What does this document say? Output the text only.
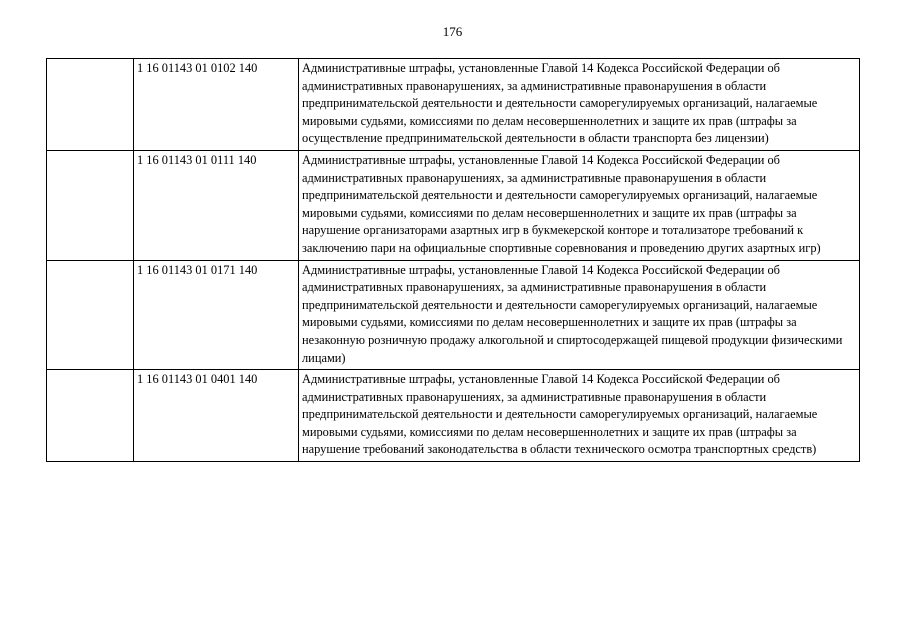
176
	1 16 01143 01 0102 140	Административные штрафы, установленные Главой 14 Кодекса Российской Федерации об административных правонарушениях, за административные правонарушения в области предпринимательской деятельности и деятельности саморегулируемых организаций, налагаемые мировыми судьями, комиссиями по делам несовершеннолетних и защите их прав (штрафы за осуществление предпринимательской деятельности в области транспорта без лицензии)
	1 16 01143 01 0111 140	Административные штрафы, установленные Главой 14 Кодекса Российской Федерации об административных правонарушениях, за административные правонарушения в области предпринимательской деятельности и деятельности саморегулируемых организаций, налагаемые мировыми судьями, комиссиями по делам несовершеннолетних и защите их прав (штрафы за нарушение организаторами азартных игр в букмекерской конторе и тотализаторе требований к заключению пари на официальные спортивные соревнования и проведению других азартных игр)
	1 16 01143 01 0171 140	Административные штрафы, установленные Главой 14 Кодекса Российской Федерации об административных правонарушениях, за административные правонарушения в области предпринимательской деятельности и деятельности саморегулируемых организаций, налагаемые мировыми судьями, комиссиями по делам несовершеннолетних и защите их прав (штрафы за незаконную розничную продажу алкогольной и спиртосодержащей пищевой продукции физическими лицами)
	1 16 01143 01 0401 140	Административные штрафы, установленные Главой 14 Кодекса Российской Федерации об административных правонарушениях, за административные правонарушения в области предпринимательской деятельности и деятельности саморегулируемых организаций, налагаемые мировыми судьями, комиссиями по делам несовершеннолетних и защите их прав (штрафы за нарушение требований законодательства в области технического осмотра транспортных средств)
